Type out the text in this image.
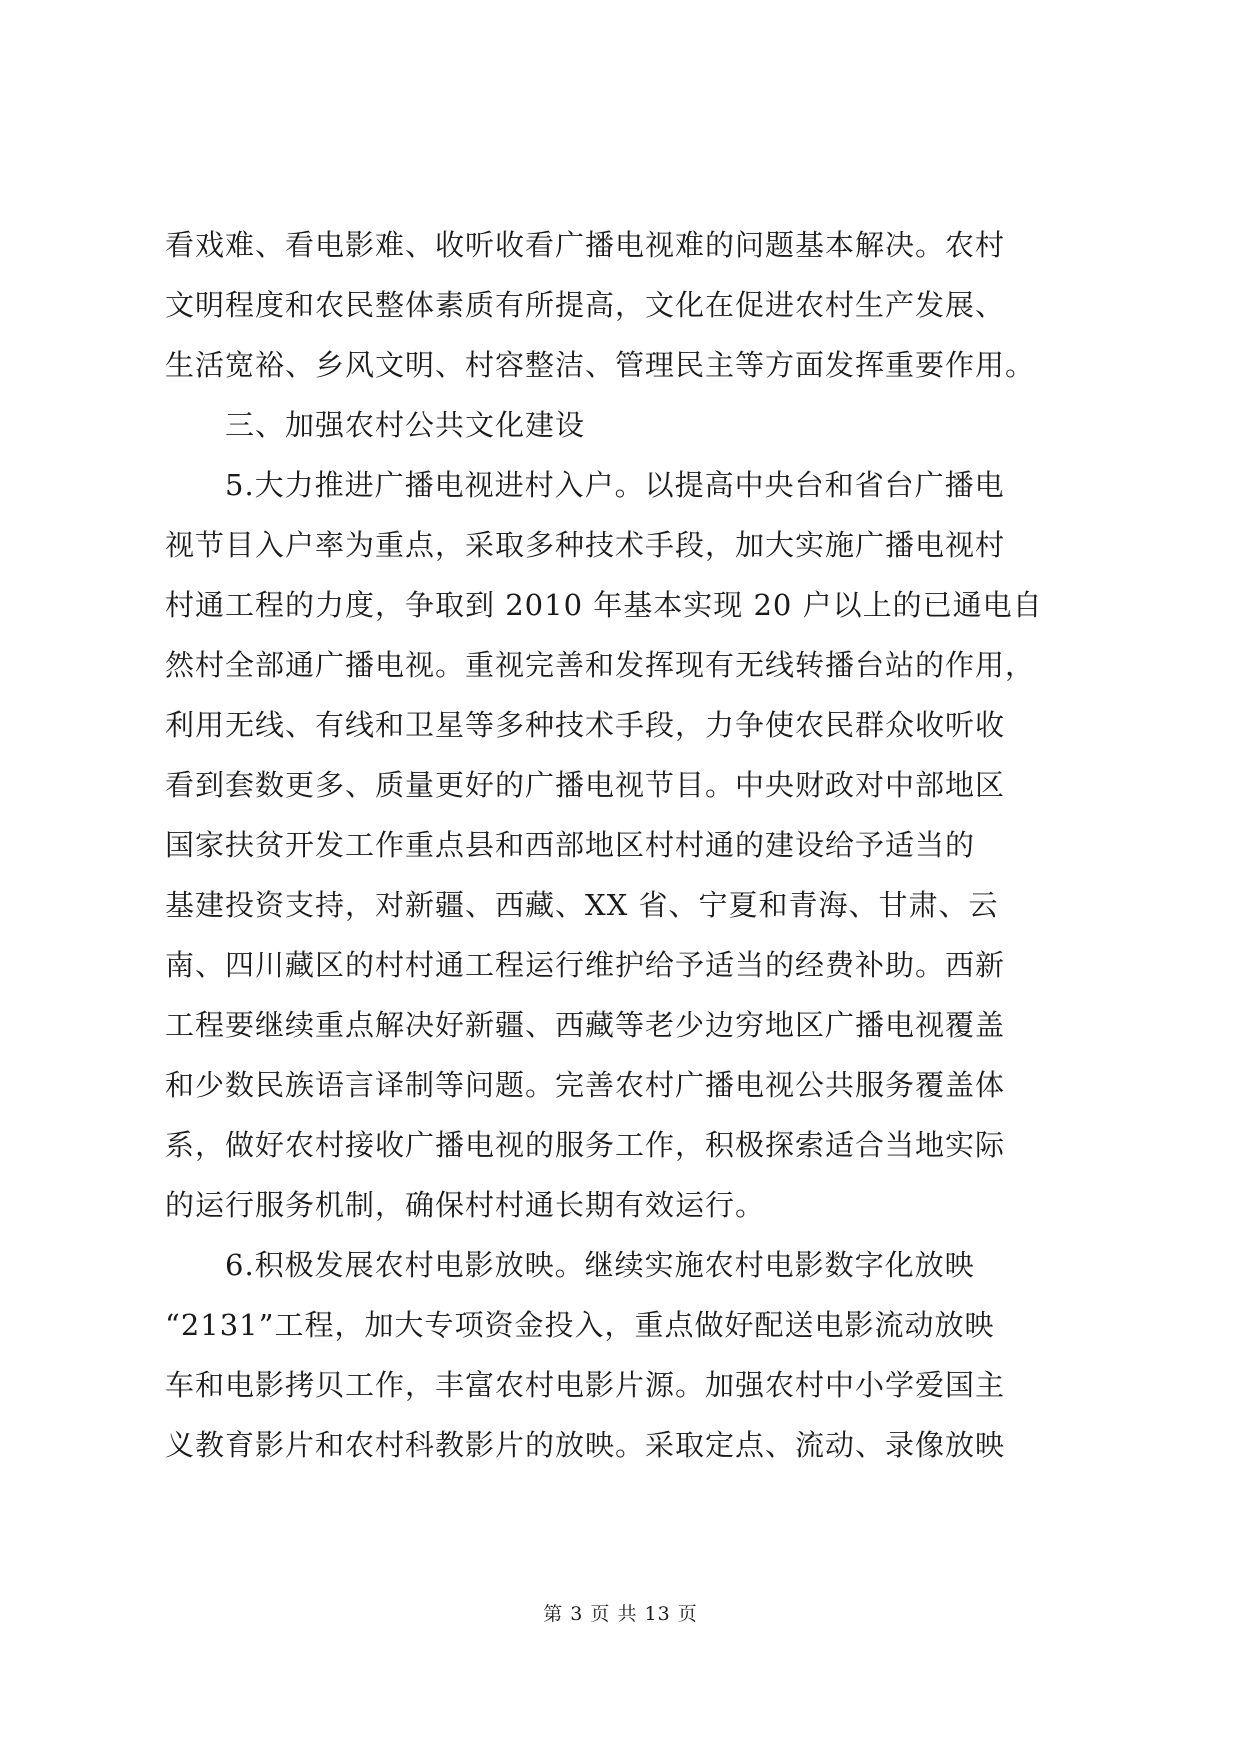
看戏难、看电影难、收听收看广播电视难的问题基本解决。农村
文明程度和农民整体素质有所提高，文化在促进农村生产发展、
生活宽裕、乡风文明、村容整洁、管理民主等方面发挥重要作用。
　　三、加强农村公共文化建设
　　5.大力推进广播电视进村入户。以提高中央台和省台广播电
视节目入户率为重点，采取多种技术手段，加大实施广播电视村
村通工程的力度，争取到 2010 年基本实现 20 户以上的已通电自
然村全部通广播电视。重视完善和发挥现有无线转播台站的作用，
利用无线、有线和卫星等多种技术手段，力争使农民群众收听收
看到套数更多、质量更好的广播电视节目。中央财政对中部地区
国家扶贫开发工作重点县和西部地区村村通的建设给予适当的
基建投资支持，对新疆、西藏、XX 省、宁夏和青海、甘肃、云
南、四川藏区的村村通工程运行维护给予适当的经费补助。西新
工程要继续重点解决好新疆、西藏等老少边穷地区广播电视覆盖
和少数民族语言译制等问题。完善农村广播电视公共服务覆盖体
系，做好农村接收广播电视的服务工作，积极探索适合当地实际
的运行服务机制，确保村村通长期有效运行。
　　6.积极发展农村电影放映。继续实施农村电影数字化放映
“2131”工程，加大专项资金投入，重点做好配送电影流动放映
车和电影拷贝工作，丰富农村电影片源。加强农村中小学爱国主
义教育影片和农村科教影片的放映。采取定点、流动、录像放映
第 3 页 共 13 页
